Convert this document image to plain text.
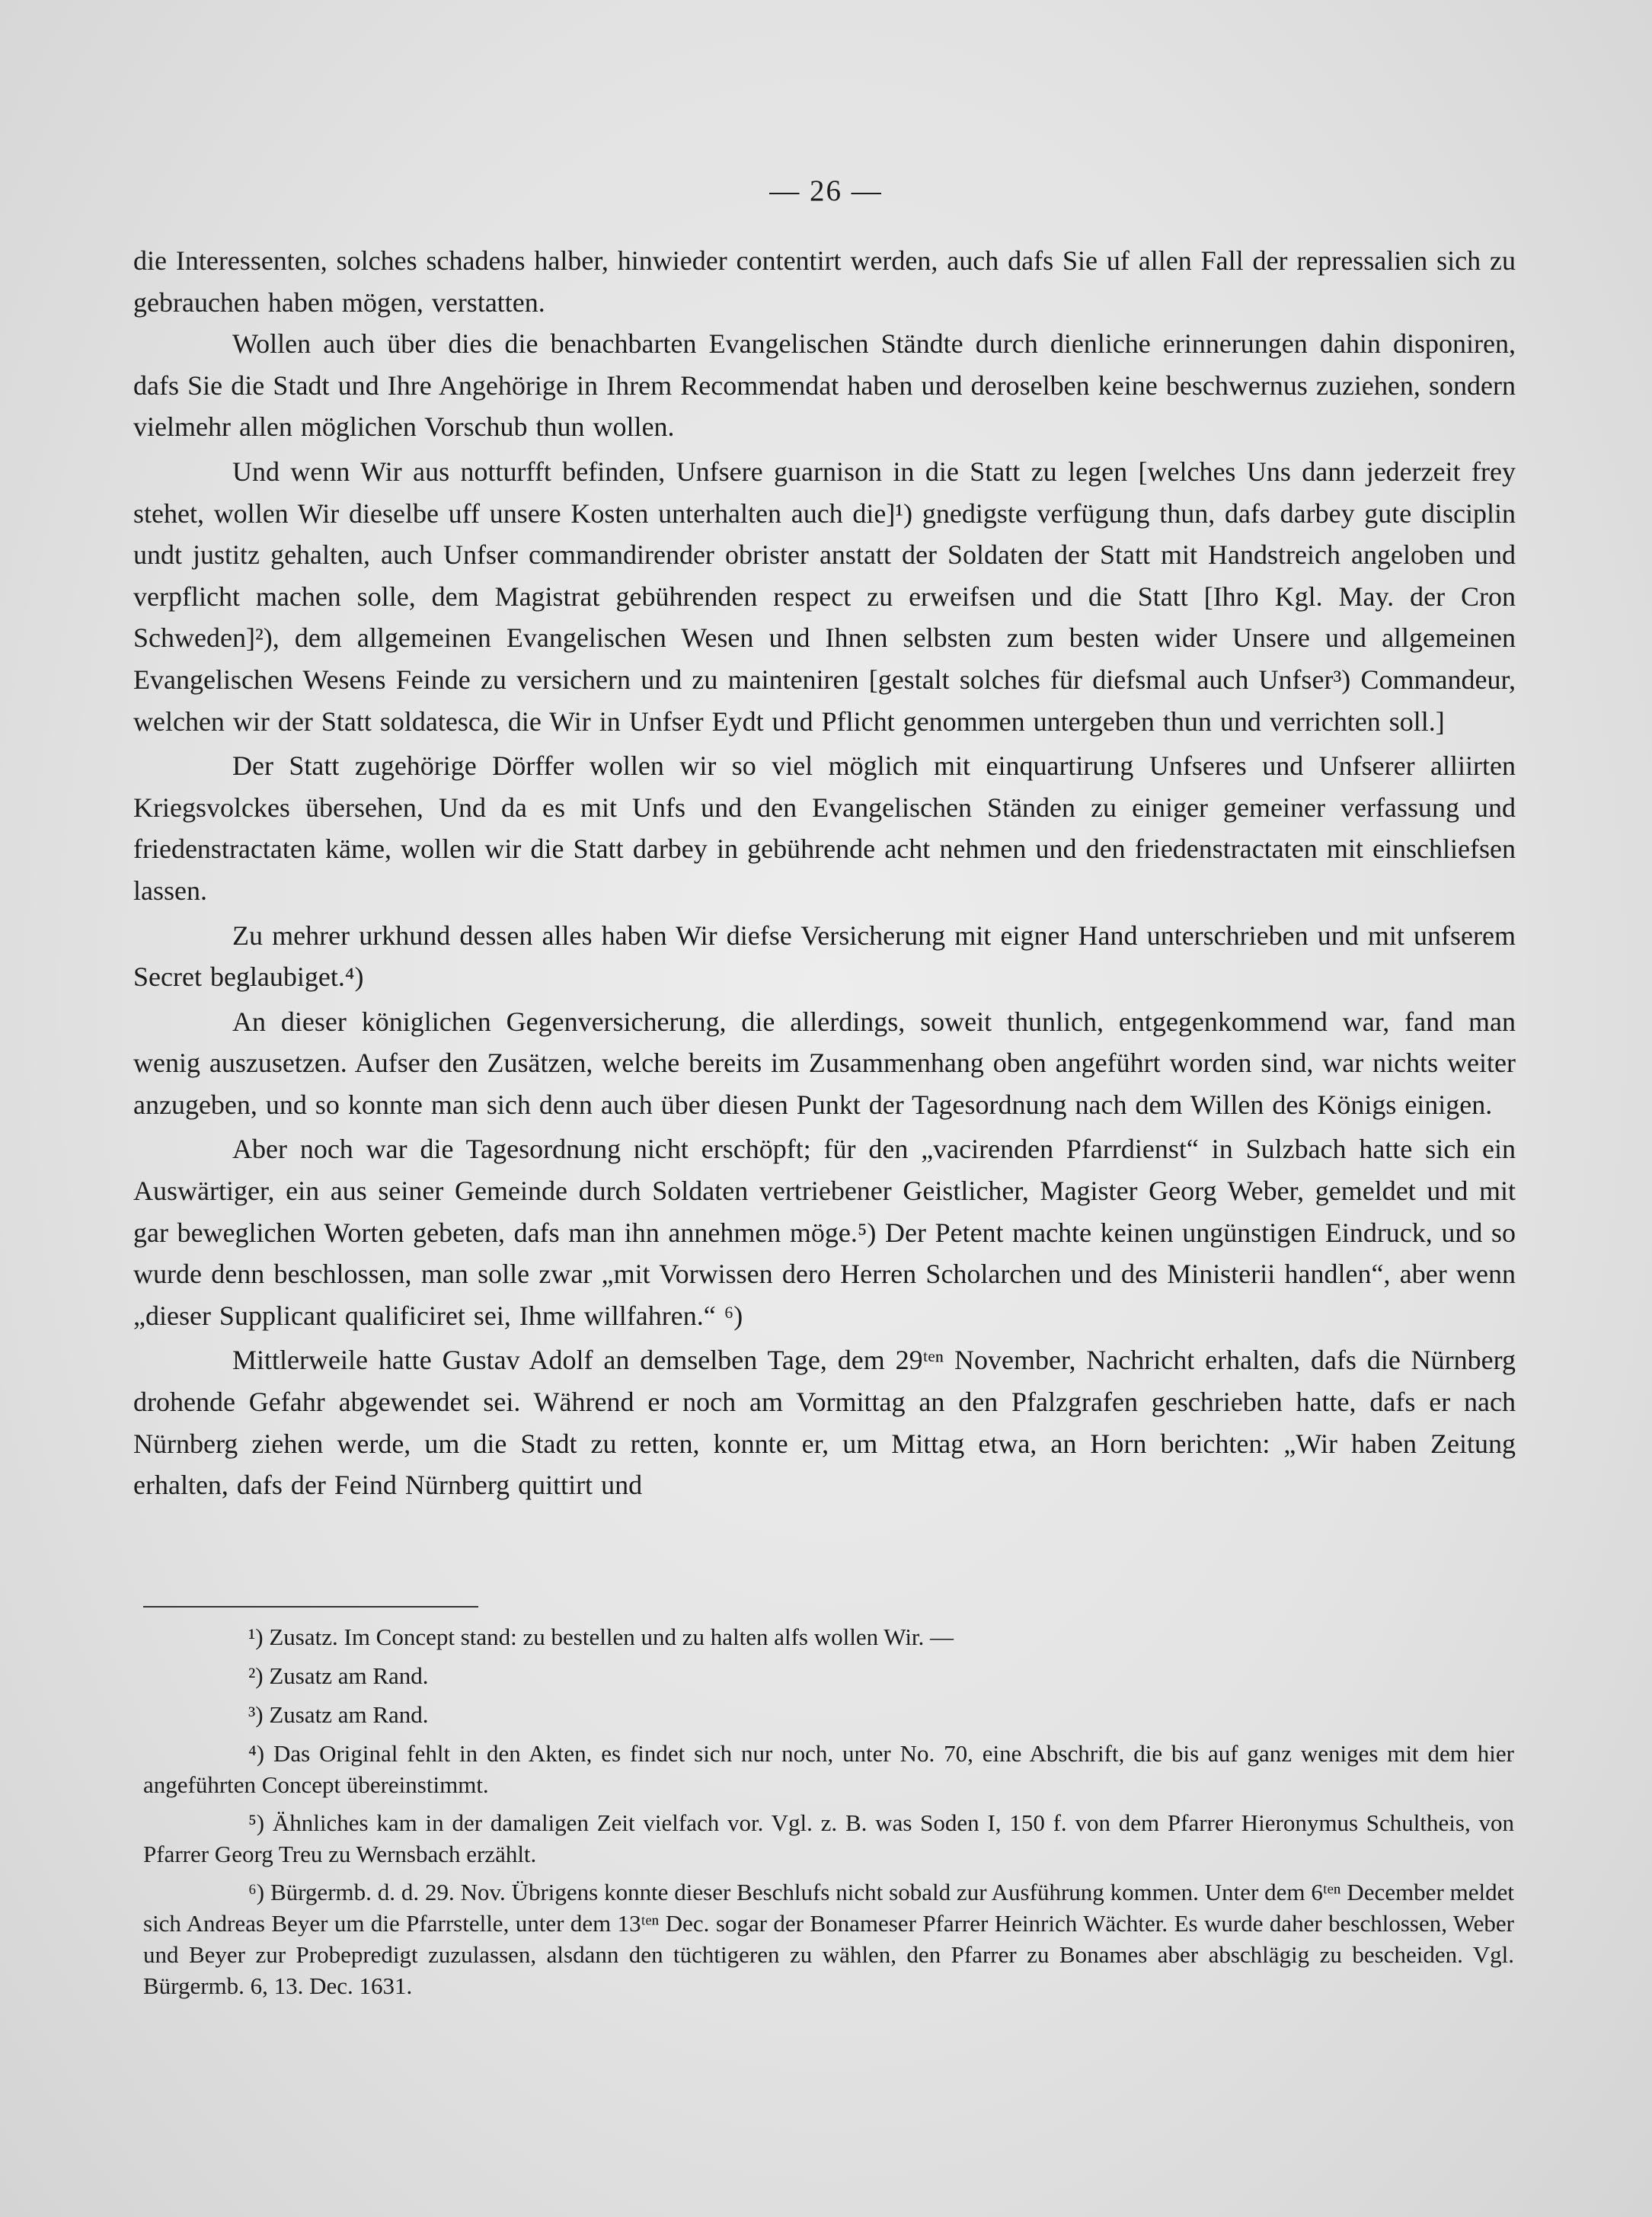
— 26 —

die Interessenten, solches schadens halber, hinwieder contentirt werden, auch dafs Sie uf allen Fall der repressalien sich zu gebrauchen haben mögen, verstatten.

Wollen auch über dies die benachbarten Evangelischen Ständte durch dienliche erinnerungen dahin disponiren, dafs Sie die Stadt und Ihre Angehörige in Ihrem Recommendat haben und deroselben keine beschwernus zuziehen, sondern vielmehr allen möglichen Vorschub thun wollen.

Und wenn Wir aus notturfft befinden, Unfsere guarnison in die Statt zu legen [welches Uns dann jederzeit frey stehet, wollen Wir dieselbe uff unsere Kosten unterhalten auch die]¹) gnedigste verfügung thun, dafs darbey gute disciplin undt justitz gehalten, auch Unfser commandirender obrister anstatt der Soldaten der Statt mit Handstreich angeloben und verpflicht machen solle, dem Magistrat gebührenden respect zu erweifsen und die Statt [Ihro Kgl. May. der Cron Schweden]²), dem allgemeinen Evangelischen Wesen und Ihnen selbsten zum besten wider Unsere und allgemeinen Evangelischen Wesens Feinde zu versichern und zu mainteniren [gestalt solches für diefsmal auch Unfser³) Commandeur, welchen wir der Statt soldatesca, die Wir in Unfser Eydt und Pflicht genommen untergeben thun und verrichten soll.]

Der Statt zugehörige Dörffer wollen wir so viel möglich mit einquartirung Unfseres und Unfserer alliirten Kriegsvolckes übersehen, Und da es mit Unfs und den Evangelischen Ständen zu einiger gemeiner verfassung und friedenstractaten käme, wollen wir die Statt darbey in gebührende acht nehmen und den friedenstractaten mit einschliefsen lassen.

Zu mehrer urkhund dessen alles haben Wir diefse Versicherung mit eigner Hand unterschrieben und mit unfserem Secret beglaubiget.⁴)

An dieser königlichen Gegenversicherung, die allerdings, soweit thunlich, entgegenkommend war, fand man wenig auszusetzen. Aufser den Zusätzen, welche bereits im Zusammenhang oben angeführt worden sind, war nichts weiter anzugeben, und so konnte man sich denn auch über diesen Punkt der Tagesordnung nach dem Willen des Königs einigen.

Aber noch war die Tagesordnung nicht erschöpft; für den „vacirenden Pfarrdienst“ in Sulzbach hatte sich ein Auswärtiger, ein aus seiner Gemeinde durch Soldaten vertriebener Geistlicher, Magister Georg Weber, gemeldet und mit gar beweglichen Worten gebeten, dafs man ihn annehmen möge.⁵) Der Petent machte keinen ungünstigen Eindruck, und so wurde denn beschlossen, man solle zwar „mit Vorwissen dero Herren Scholarchen und des Ministerii handlen“, aber wenn „dieser Supplicant qualificiret sei, Ihme willfahren.“ ⁶)

Mittlerweile hatte Gustav Adolf an demselben Tage, dem 29ᵗᵉⁿ November, Nachricht erhalten, dafs die Nürnberg drohende Gefahr abgewendet sei. Während er noch am Vormittag an den Pfalzgrafen geschrieben hatte, dafs er nach Nürnberg ziehen werde, um die Stadt zu retten, konnte er, um Mittag etwa, an Horn berichten: „Wir haben Zeitung erhalten, dafs der Feind Nürnberg quittirt und

¹) Zusatz. Im Concept stand: zu bestellen und zu halten alfs wollen Wir. —

²) Zusatz am Rand.

³) Zusatz am Rand.

⁴) Das Original fehlt in den Akten, es findet sich nur noch, unter No. 70, eine Abschrift, die bis auf ganz weniges mit dem hier angeführten Concept übereinstimmt.

⁵) Ähnliches kam in der damaligen Zeit vielfach vor. Vgl. z. B. was Soden I, 150 f. von dem Pfarrer Hieronymus Schultheis, von Pfarrer Georg Treu zu Wernsbach erzählt.

⁶) Bürgermb. d. d. 29. Nov. Übrigens konnte dieser Beschlufs nicht sobald zur Ausführung kommen. Unter dem 6ᵗᵉⁿ December meldet sich Andreas Beyer um die Pfarrstelle, unter dem 13ᵗᵉⁿ Dec. sogar der Bonameser Pfarrer Heinrich Wächter. Es wurde daher beschlossen, Weber und Beyer zur Probepredigt zuzulassen, alsdann den tüchtigeren zu wählen, den Pfarrer zu Bonames aber abschlägig zu bescheiden. Vgl. Bürgermb. 6, 13. Dec. 1631.
